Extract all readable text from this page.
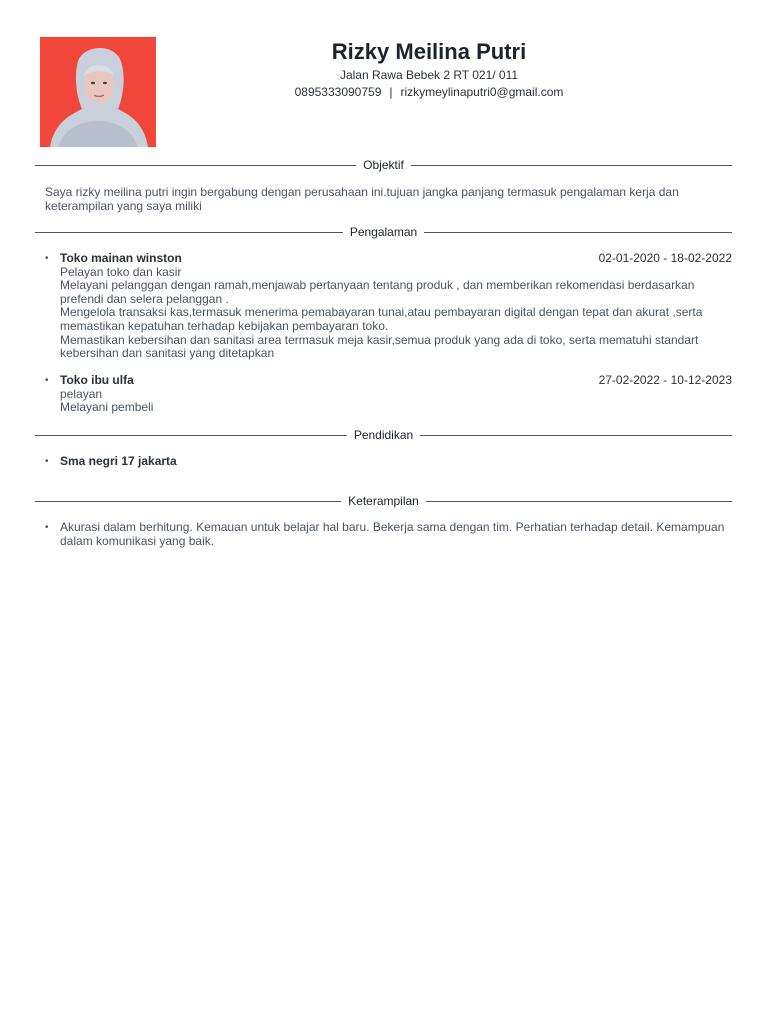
Rizky Meilina Putri
Jalan Rawa Bebek 2 RT 021/ 011
0895333090759 | rizkymeylinaputri0@gmail.com
Objektif
Saya rizky meilina putri ingin bergabung dengan perusahaan ini.tujuan jangka panjang termasuk pengalaman kerja dan keterampilan yang saya miliki
Pengalaman
• Toko mainan winston	02-01-2020 - 18-02-2022
Pelayan toko dan kasir
Melayani pelanggan dengan ramah,menjawab pertanyaan tentang produk , dan memberikan rekomendasi berdasarkan prefendi dan selera pelanggan .
Mengelola transaksi kas,termasuk menerima pemabayaran tunai,atau pembayaran digital dengan tepat dan akurat ,serta memastikan kepatuhan terhadap kebijakan pembayaran toko.
Memastikan kebersihan dan sanitasi area termasuk meja kasir,semua produk yang ada di toko, serta mematuhi standart kebersihan dan sanitasi yang ditetapkan
• Toko ibu ulfa	27-02-2022 - 10-12-2023
pelayan
Melayani pembeli
Pendidikan
• Sma negri 17 jakarta
Keterampilan
• Akurasi dalam berhitung. Kemauan untuk belajar hal baru. Bekerja sama dengan tim. Perhatian terhadap detail. Kemampuan dalam komunikasi yang baik.
